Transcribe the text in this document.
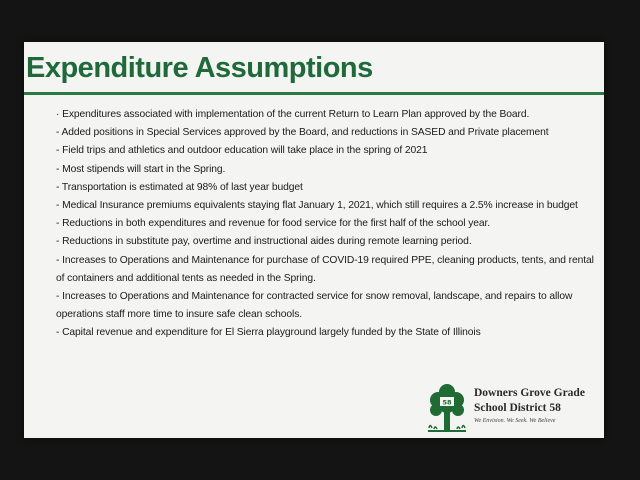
Expenditure Assumptions
· Expenditures associated with implementation of the current Return to Learn Plan approved by the Board.
- Added positions in Special Services approved by the Board, and reductions in SASED and Private placement
- Field trips and athletics and outdoor education will take place in the spring of 2021
- Most stipends will start in the Spring.
- Transportation is estimated at 98% of last year budget
- Medical Insurance premiums equivalents staying flat January 1, 2021, which still requires a 2.5% increase in budget
- Reductions in both expenditures and revenue for food service for the first half of the school year.
- Reductions in substitute pay, overtime and instructional aides during remote learning period.
- Increases to Operations and Maintenance for purchase of COVID-19 required PPE, cleaning products, tents, and rental of containers and additional tents as needed in the Spring.
- Increases to Operations and Maintenance for contracted service for snow removal, landscape, and repairs to allow operations staff more time to insure safe clean schools.
- Capital revenue and expenditure for El Sierra playground largely funded by the State of Illinois
58
Downers Grove Grade
School District 58
We Envision. We Seek. We Believe
